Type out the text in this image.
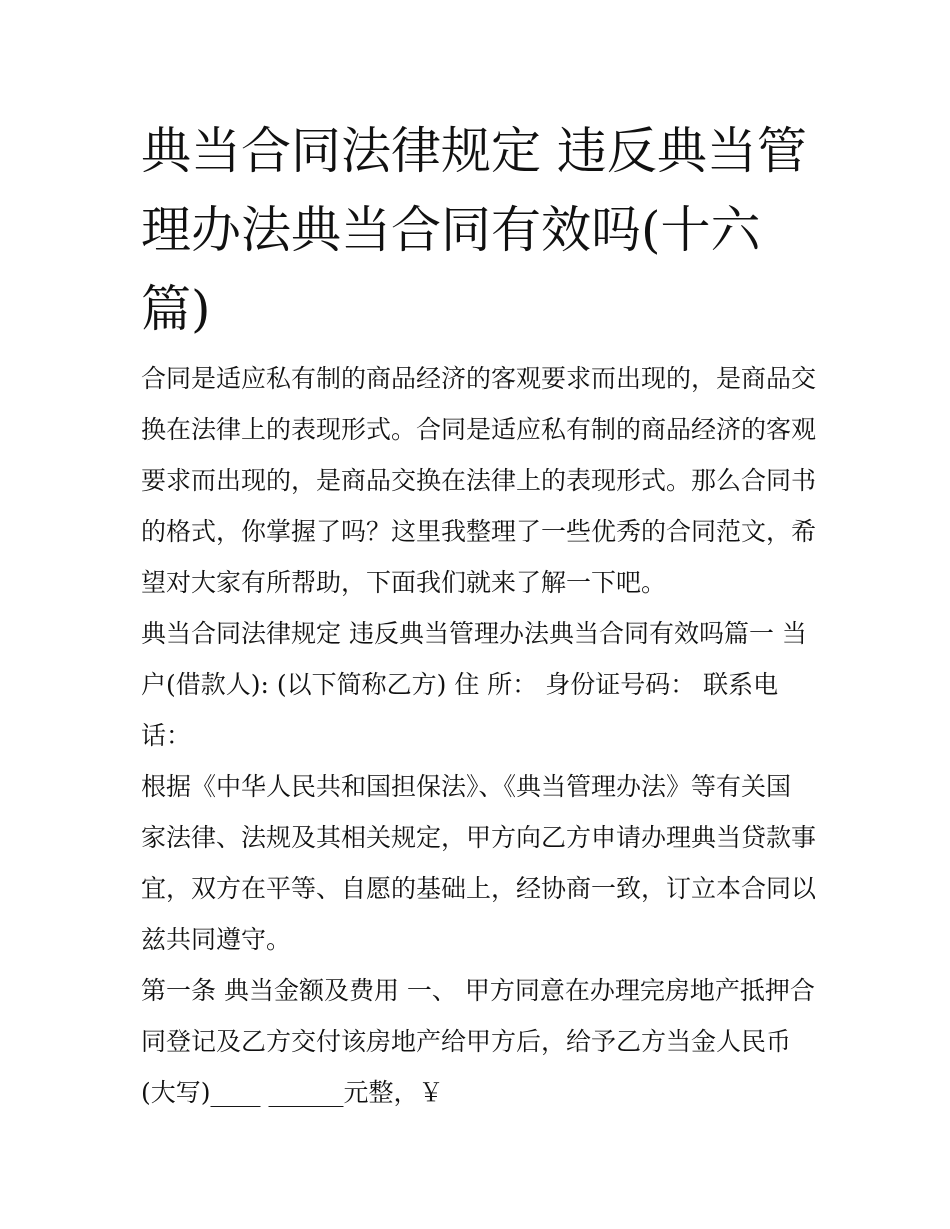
典当合同法律规定 违反典当管
理办法典当合同有效吗(十六
篇)
合同是适应私有制的商品经济的客观要求而出现的，是商品交
换在法律上的表现形式。合同是适应私有制的商品经济的客观
要求而出现的，是商品交换在法律上的表现形式。那么合同书
的格式，你掌握了吗？这里我整理了一些优秀的合同范文，希
望对大家有所帮助，下面我们就来了解一下吧。
典当合同法律规定 违反典当管理办法典当合同有效吗篇一 当
户(借款人): (以下简称乙方) 住 所： 身份证号码： 联系电
话：
根据《中华人民共和国担保法》、《典当管理办法》等有关国
家法律、法规及其相关规定，甲方向乙方申请办理典当贷款事
宜，双方在平等、自愿的基础上，经协商一致，订立本合同以
兹共同遵守。
第一条 典当金额及费用 一、 甲方同意在办理完房地产抵押合
同登记及乙方交付该房地产给甲方后，给予乙方当金人民币
(大写)____ ______元整，￥
